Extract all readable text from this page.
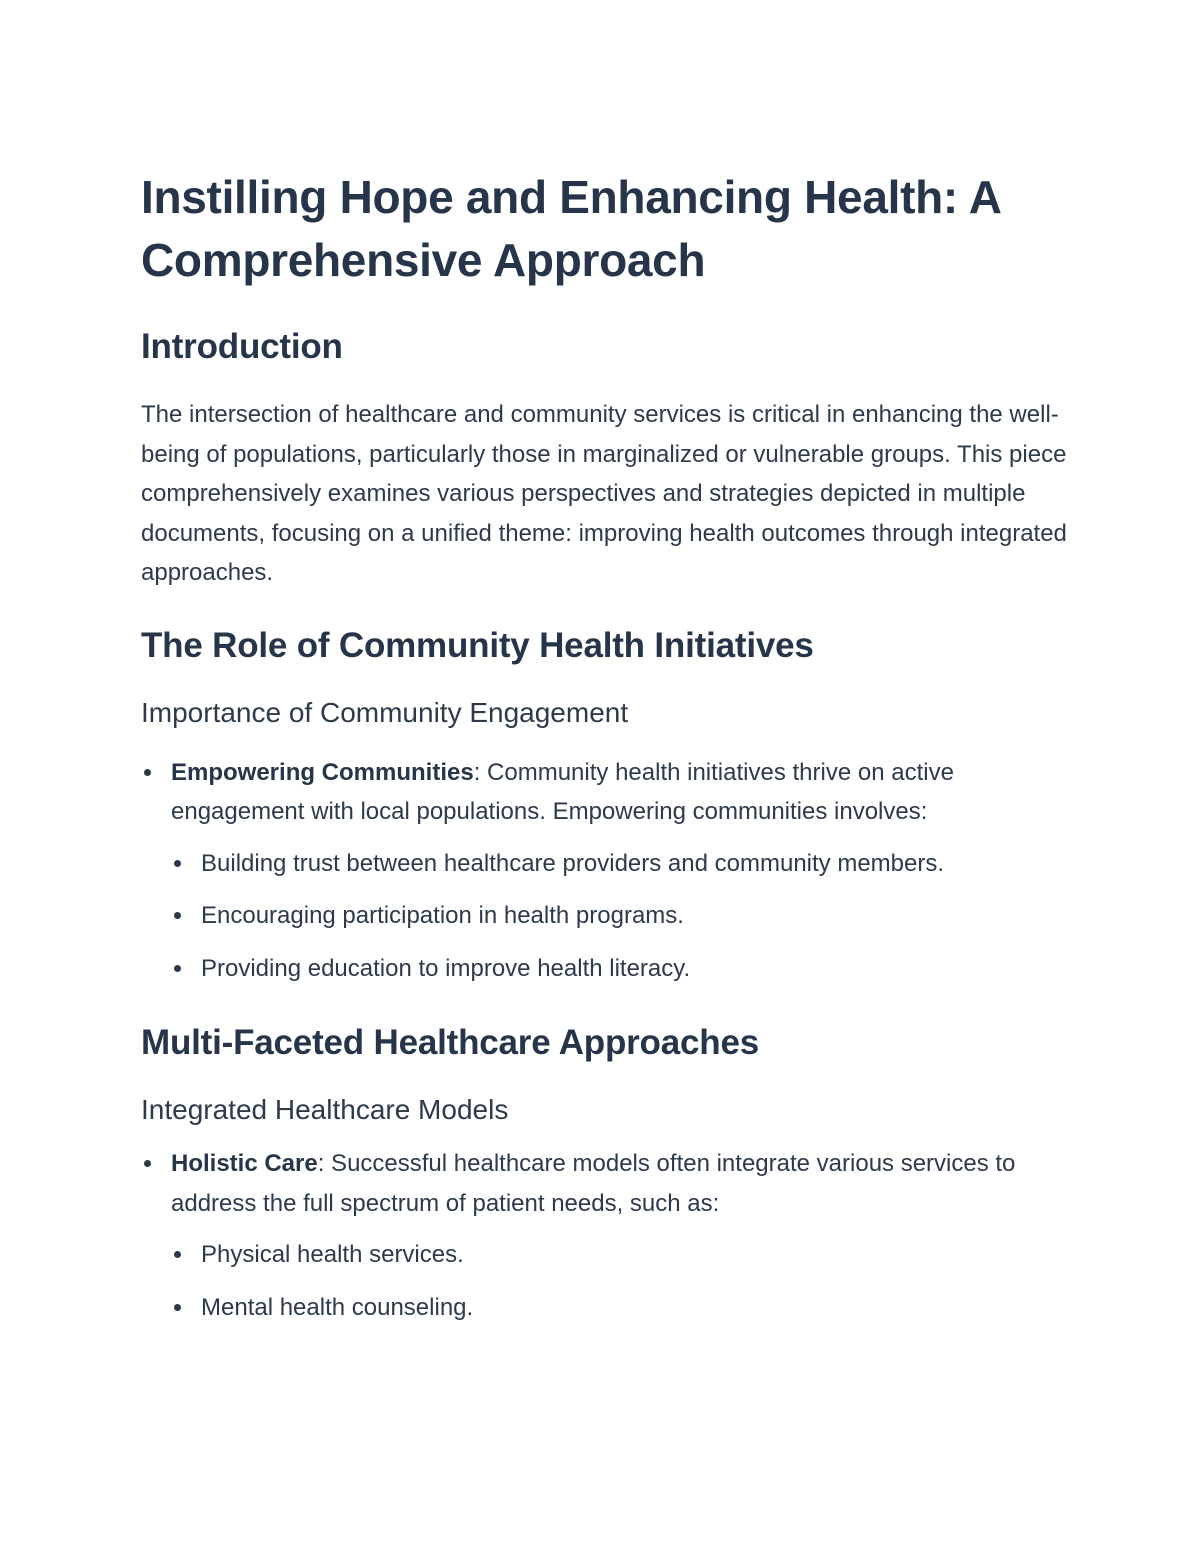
Instilling Hope and Enhancing Health: A Comprehensive Approach
Introduction

The intersection of healthcare and community services is critical in enhancing the well-being of populations, particularly those in marginalized or vulnerable groups. This piece comprehensively examines various perspectives and strategies depicted in multiple documents, focusing on a unified theme: improving health outcomes through integrated approaches.

The Role of Community Health Initiatives
Importance of Community Engagement
Empowering Communities: Community health initiatives thrive on active engagement with local populations. Empowering communities involves:
Building trust between healthcare providers and community members.
Encouraging participation in health programs.
Providing education to improve health literacy.
Multi-Faceted Healthcare Approaches
Integrated Healthcare Models
Holistic Care: Successful healthcare models often integrate various services to address the full spectrum of patient needs, such as:
Physical health services.
Mental health counseling.
